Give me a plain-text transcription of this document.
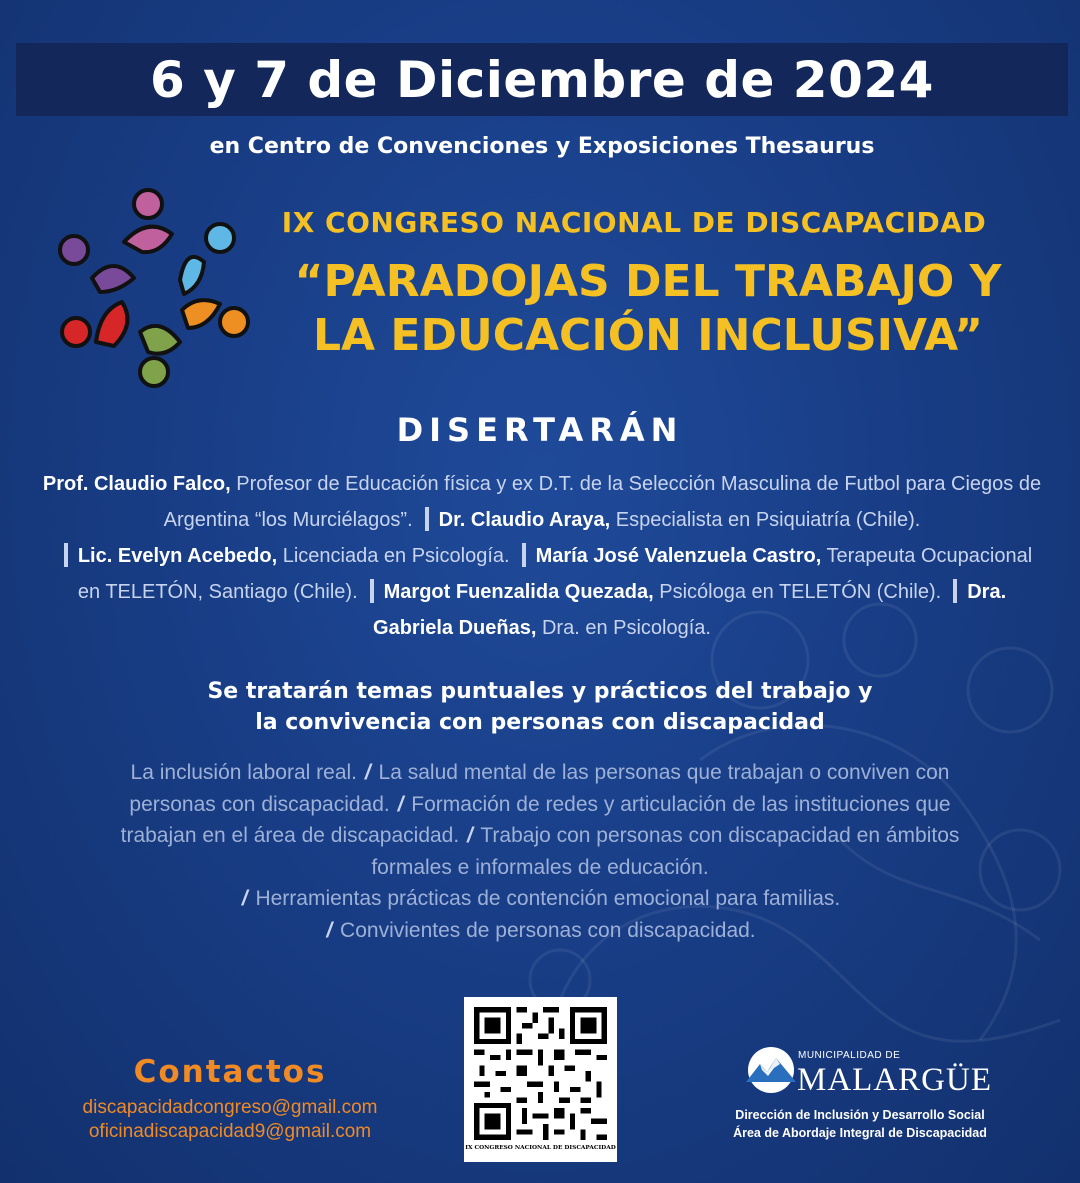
6 y 7 de Diciembre de 2024
en Centro de Convenciones y Exposiciones Thesaurus
IX CONGRESO NACIONAL DE DISCAPACIDAD
“PARADOJAS DEL TRABAJO Y
LA EDUCACIÓN INCLUSIVA”
DISERTARÁN
Prof. Claudio Falco, Profesor de Educación física y ex D.T. de la Selección Masculina de Futbol para Ciegos de Argentina “los Murciélagos”. Dr. Claudio Araya, Especialista en Psiquiatría (Chile).
Lic. Evelyn Acebedo, Licenciada en Psicología. María José Valenzuela Castro, Terapeuta Ocupacional en TELETÓN, Santiago (Chile). Margot Fuenzalida Quezada, Psicóloga en TELETÓN (Chile). Dra. Gabriela Dueñas, Dra. en Psicología.
Se tratarán temas puntuales y prácticos del trabajo y
la convivencia con personas con discapacidad
La inclusión laboral real. / La salud mental de las personas que trabajan o conviven con personas con discapacidad. / Formación de redes y articulación de las instituciones que trabajan en el área de discapacidad. / Trabajo con personas con discapacidad en ámbitos formales e informales de educación.
/ Herramientas prácticas de contención emocional para familias.
/ Convivientes de personas con discapacidad.
Contactos
discapacidadcongreso@gmail.com
oficinadiscapacidad9@gmail.com
IX CONGRESO NACIONAL DE DISCAPACIDAD
MUNICIPALIDAD DE
MALARGÜE
Dirección de Inclusión y Desarrollo Social
Área de Abordaje Integral de Discapacidad
